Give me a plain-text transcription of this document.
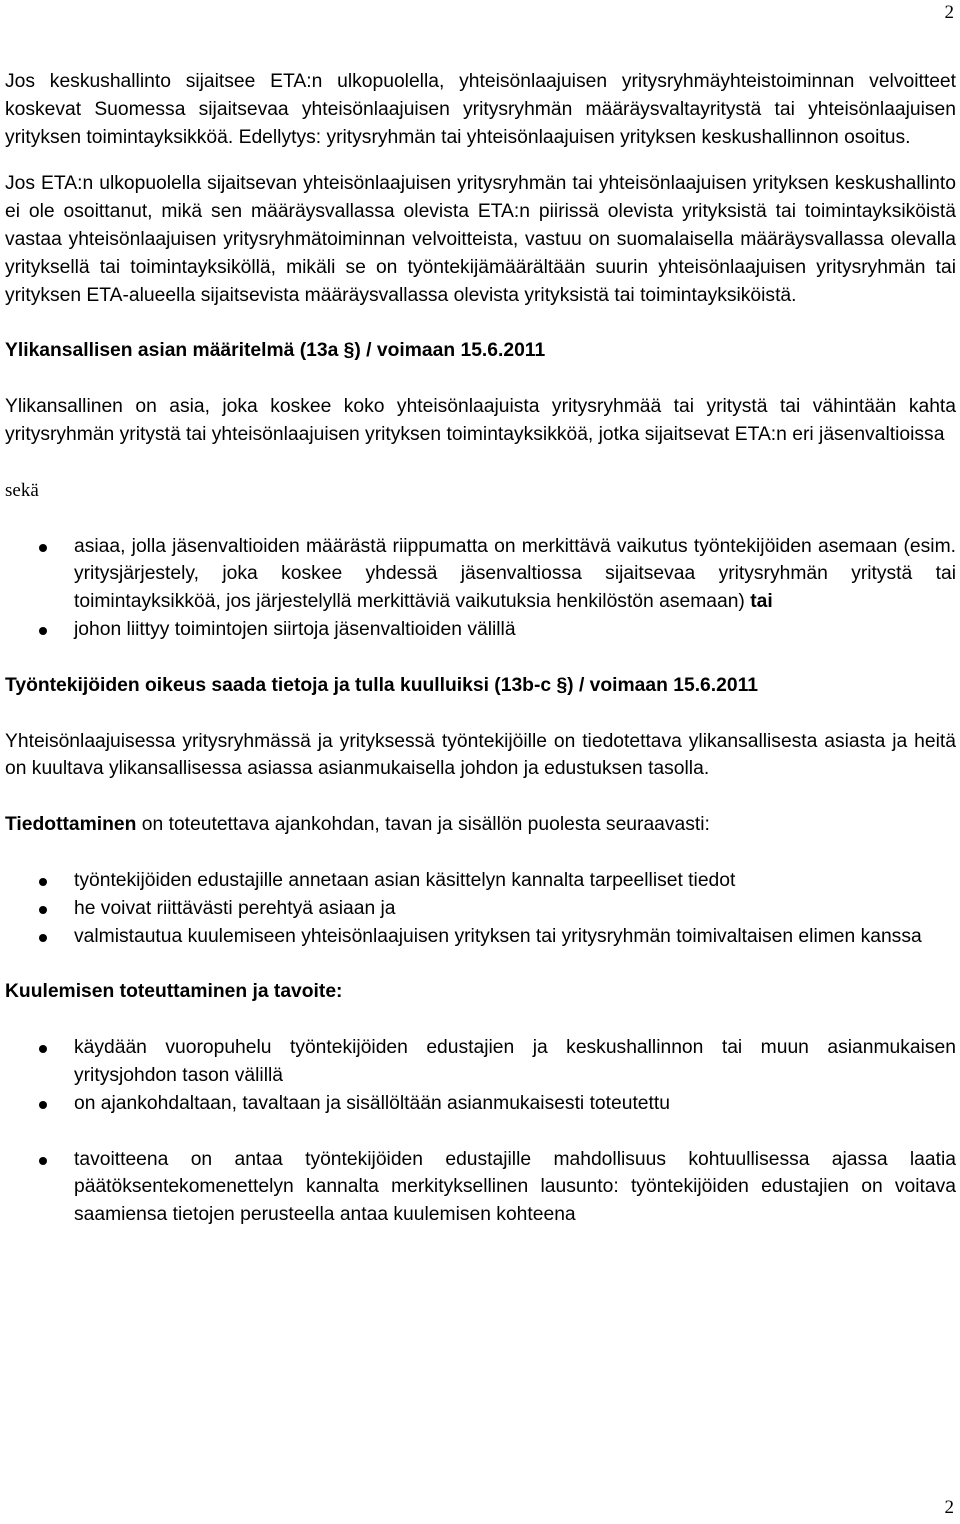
2

Jos keskushallinto sijaitsee ETA:n ulkopuolella, yhteisönlaajuisen yritysryhmäyhteistoiminnan velvoitteet koskevat Suomessa sijaitsevaa yhteisönlaajuisen yritysryhmän määräysvaltayritystä tai yhteisönlaajuisen yrityksen toimintayksikköä. Edellytys: yritysryhmän tai yhteisönlaajuisen yrityksen keskushallinnon osoitus.

Jos ETA:n ulkopuolella sijaitsevan yhteisönlaajuisen yritysryhmän tai yhteisönlaajuisen yrityksen keskushallinto ei ole osoittanut, mikä sen määräysvallassa olevista ETA:n piirissä olevista yrityksistä tai toimintayksiköistä vastaa yhteisönlaajuisen yritysryhmätoiminnan velvoitteista, vastuu on suomalaisella määräysvallassa olevalla yrityksellä tai toimintayksiköllä, mikäli se on työntekijämäärältään suurin yhteisönlaajuisen yritysryhmän tai yrityksen ETA-alueella sijaitsevista määräysvallassa olevista yrityksistä tai toimintayksiköistä.

Ylikansallisen asian määritelmä (13a §) / voimaan 15.6.2011

Ylikansallinen on asia, joka koskee koko yhteisönlaajuista yritysryhmää tai yritystä tai vähintään kahta yritysryhmän yritystä tai yhteisönlaajuisen yrityksen toimintayksikköä, jotka sijaitsevat ETA:n eri jäsenvaltioissa

sekä

asiaa, jolla jäsenvaltioiden määrästä riippumatta on merkittävä vaikutus työntekijöiden asemaan (esim. yritysjärjestely, joka koskee yhdessä jäsenvaltiossa sijaitsevaa yritysryhmän yritystä tai toimintayksikköä, jos järjestelyllä merkittäviä vaikutuksia henkilöstön asemaan) tai
johon liittyy toimintojen siirtoja jäsenvaltioiden välillä
Työntekijöiden oikeus saada tietoja ja tulla kuulluiksi (13b-c §) / voimaan 15.6.2011

Yhteisönlaajuisessa yritysryhmässä ja yrityksessä työntekijöille on tiedotettava ylikansallisesta asiasta ja heitä on kuultava ylikansallisessa asiassa asianmukaisella johdon ja edustuksen tasolla.

Tiedottaminen on toteutettava ajankohdan, tavan ja sisällön puolesta seuraavasti:

työntekijöiden edustajille annetaan asian käsittelyn kannalta tarpeelliset tiedot
he voivat riittävästi perehtyä asiaan ja
valmistautua kuulemiseen yhteisönlaajuisen yrityksen tai yritysryhmän toimivaltaisen elimen kanssa
Kuulemisen toteuttaminen ja tavoite:
käydään vuoropuhelu työntekijöiden edustajien ja keskushallinnon tai muun asianmukaisen yritysjohdon tason välillä
on ajankohdaltaan, tavaltaan ja sisällöltään asianmukaisesti toteutettu
tavoitteena on antaa työntekijöiden edustajille mahdollisuus kohtuullisessa ajassa laatia päätöksentekomenettelyn kannalta merkityksellinen lausunto: työntekijöiden edustajien on voitava saamiensa tietojen perusteella antaa kuulemisen kohteena
2
